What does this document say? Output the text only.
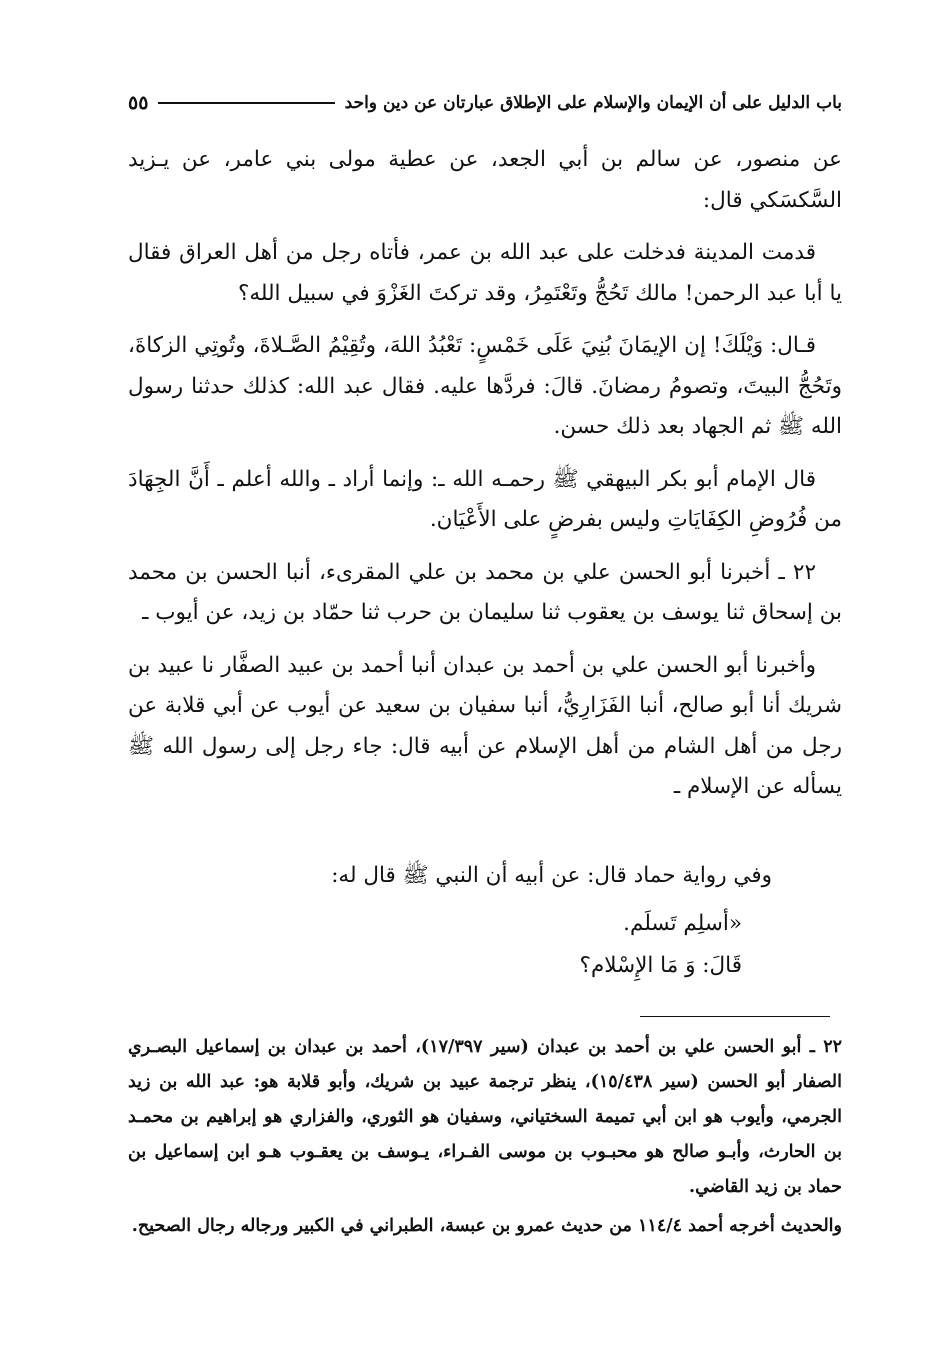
باب الدليل على أن الإيمان والإسلام على الإطلاق عبارتان عن دين واحد
٥٥

عن منصور، عن سالم بن أبي الجعد، عن عطية مولى بني عامر، عن يـزيد السَّكسَكي قال:

قدمت المدينة فدخلت على عبد الله بن عمر، فأتاه رجل من أهل العراق فقال يا أبا عبد الرحمن! مالك تَحُجُّ وتَعْتَمِرُ، وقد تركتَ الغَزْوَ في سبيل الله؟

قـال: وَيْلَكَ! إن الإيمَانَ بُنِيَ عَلَى خَمْسٍ: تَعْبُدُ اللهَ، وتُقِيْمُ الصَّـلاةَ، وتُوتِي الزكاةَ، وتَحُجُّ البيتَ، وتصومُ رمضانَ. قالَ: فردَّها عليه. فقال عبد الله: كذلك حدثنا رسول الله ﷺ ثم الجهاد بعد ذلك حسن.

قال الإمام أبو بكر البيهقي ﷺ رحمـه الله ـ: وإنما أراد ـ والله أعلم ـ أَنَّ الجِهَادَ من فُرُوضِ الكِفَايَاتِ وليس بفرضٍ على الأَعْيَان.

٢٢ ـ أخبرنا أبو الحسن علي بن محمد بن علي المقرىء، أنبا الحسن بن محمد بن إسحاق ثنا يوسف بن يعقوب ثنا سليمان بن حرب ثنا حمّاد بن زيد، عن أيوب ـ

وأخبرنا أبو الحسن علي بن أحمد بن عبدان أنبا أحمد بن عبيد الصفَّار نا عبيد بن شريك أنا أبو صالح، أنبا الفَزَارِيُّ، أنبا سفيان بن سعيد عن أيوب عن أبي قلابة عن رجل من أهل الشام من أهل الإسلام عن أبيه قال: جاء رجل إلى رسول الله ﷺ يسأله عن الإسلام ـ

وفي رواية حماد قال: عن أبيه أن النبي ﷺ قال له:
«أسلِم تَسلَم.
قَالَ: وَ مَا الإِسْلام؟

٢٢ ـ أبو الحسن علي بن أحمد بن عبدان (سير ١٧/٣٩٧)، أحمد بن عبدان بن إسماعيل البصـري الصفار أبو الحسن (سير ١٥/٤٣٨)، ينظر ترجمة عبيد بن شريك، وأبو قلابة هو: عبد الله بن زيد الجرمي، وأيوب هو ابن أبي تميمة السختياني، وسفيان هو الثوري، والفزاري هو إبراهيم بن محمـد بن الحارث، وأبـو صالح هو محبـوب بن موسى الفـراء، يـوسف بن يعقـوب هـو ابن إسماعيل بن حماد بن زيد القاضي.

والحديث أخرجه أحمد ١١٤/٤ من حديث عمرو بن عبسة، الطبراني في الكبير ورجاله رجال الصحيح.
